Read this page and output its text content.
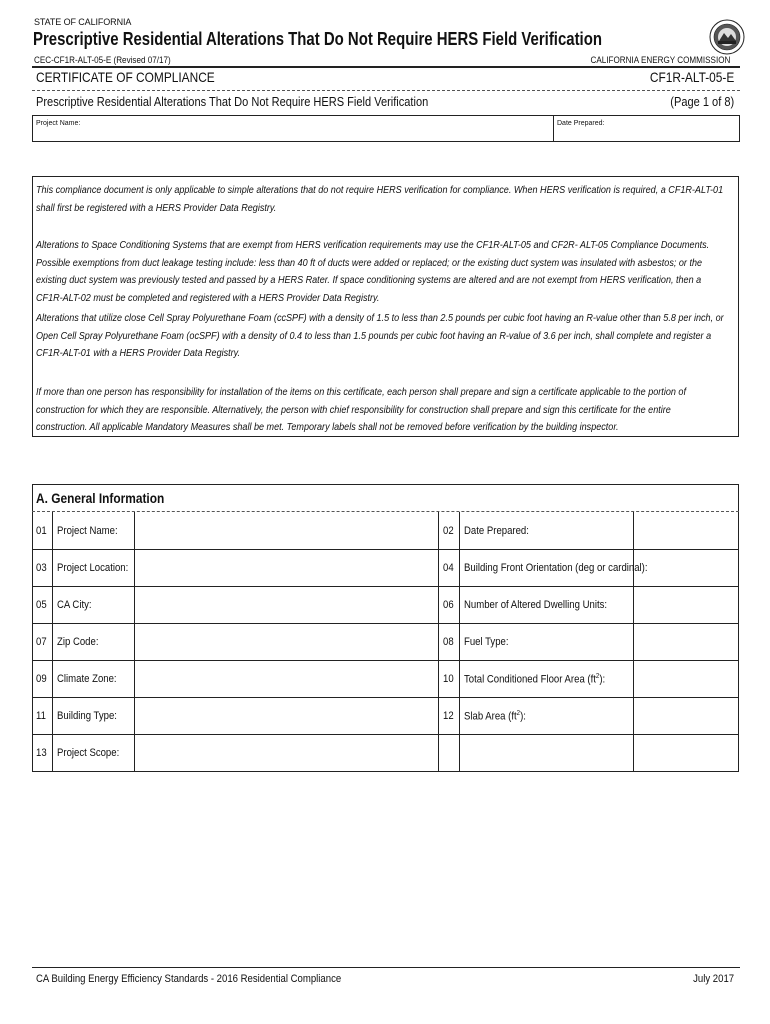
STATE OF CALIFORNIA
Prescriptive Residential Alterations That Do Not Require HERS Field Verification
CEC-CF1R-ALT-05-E (Revised 07/17)	CALIFORNIA ENERGY COMMISSION
CERTIFICATE OF COMPLIANCE	CF1R-ALT-05-E
Prescriptive Residential Alterations That Do Not Require HERS Field Verification	(Page 1 of 8)
Project Name:	Date Prepared:
This compliance document is only applicable to simple alterations that do not require HERS verification for compliance. When HERS verification is required, a CF1R-ALT-01 shall first be registered with a HERS Provider Data Registry.
Alterations to Space Conditioning Systems that are exempt from HERS verification requirements may use the CF1R-ALT-05 and CF2R- ALT-05 Compliance Documents. Possible exemptions from duct leakage testing include: less than 40 ft of ducts were added or replaced; or the existing duct system was insulated with asbestos; or the existing duct system was previously tested and passed by a HERS Rater. If space conditioning systems are altered and are not exempt from HERS verification, then a CF1R-ALT-02 must be completed and registered with a HERS Provider Data Registry.
Alterations that utilize close Cell Spray Polyurethane Foam (ccSPF) with a density of 1.5 to less than 2.5 pounds per cubic foot having an R-value other than 5.8 per inch, or Open Cell Spray Polyurethane Foam (ocSPF) with a density of 0.4 to less than 1.5 pounds per cubic foot having an R-value of 3.6 per inch, shall complete and register a CF1R-ALT-01 with a HERS Provider Data Registry.
If more than one person has responsibility for installation of the items on this certificate, each person shall prepare and sign a certificate applicable to the portion of construction for which they are responsible. Alternatively, the person with chief responsibility for construction shall prepare and sign this certificate for the entire construction. All applicable Mandatory Measures shall be met. Temporary labels shall not be removed before verification by the building inspector.
A. General Information
01 Project Name:	02 Date Prepared:
03 Project Location:	04 Building Front Orientation (deg or cardinal):
05 CA City:	06 Number of Altered Dwelling Units:
07 Zip Code:	08 Fuel Type:
09 Climate Zone:	10 Total Conditioned Floor Area $(ft^2)$:
11 Building Type:	12 Slab Area $(ft^2)$:
13 Project Scope:
CA Building Energy Efficiency Standards - 2016 Residential Compliance	July 2017
